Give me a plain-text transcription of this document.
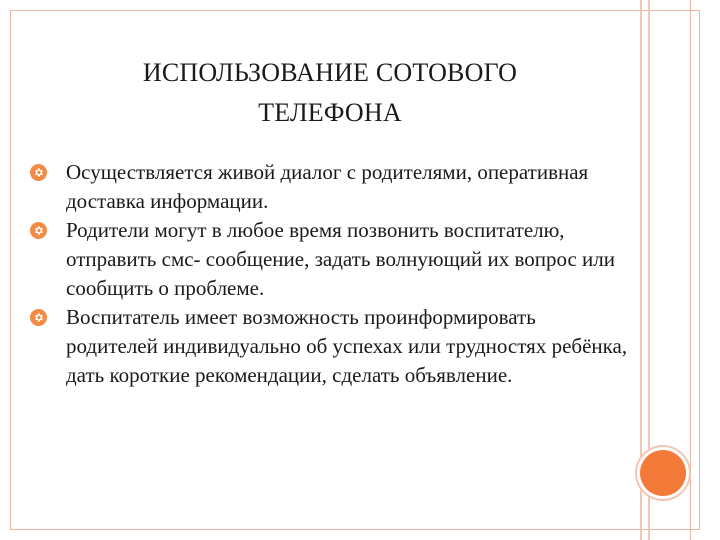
ИСПОЛЬЗОВАНИЕ СОТОВОГО
ТЕЛЕФОНА
Осуществляется живой диалог с родителями, оперативная доставка информации.
Родители могут в любое время позвонить воспитателю, отправить смс- сообщение, задать волнующий их вопрос или сообщить о проблеме.
Воспитатель имеет возможность проинформировать родителей индивидуально об успехах или трудностях ребёнка, дать короткие рекомендации, сделать объявление.
